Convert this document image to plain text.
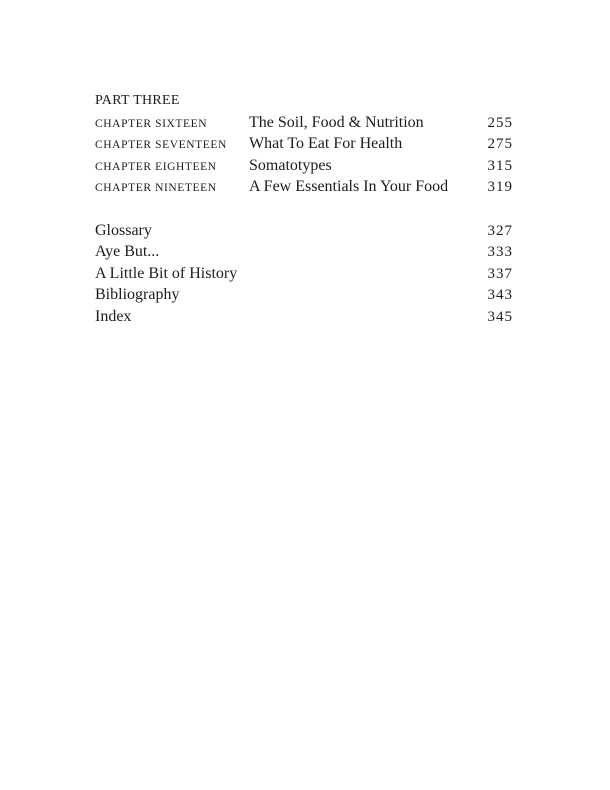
PART THREE
CHAPTER SIXTEEN	The Soil, Food & Nutrition	255
CHAPTER SEVENTEEN What To Eat For Health	275
CHAPTER EIGHTEEN Somatotypes	315
CHAPTER NINETEEN A Few Essentials In Your Food	319
Glossary	327
Aye But...	333
A Little Bit of History	337
Bibliography	343
Index	345
